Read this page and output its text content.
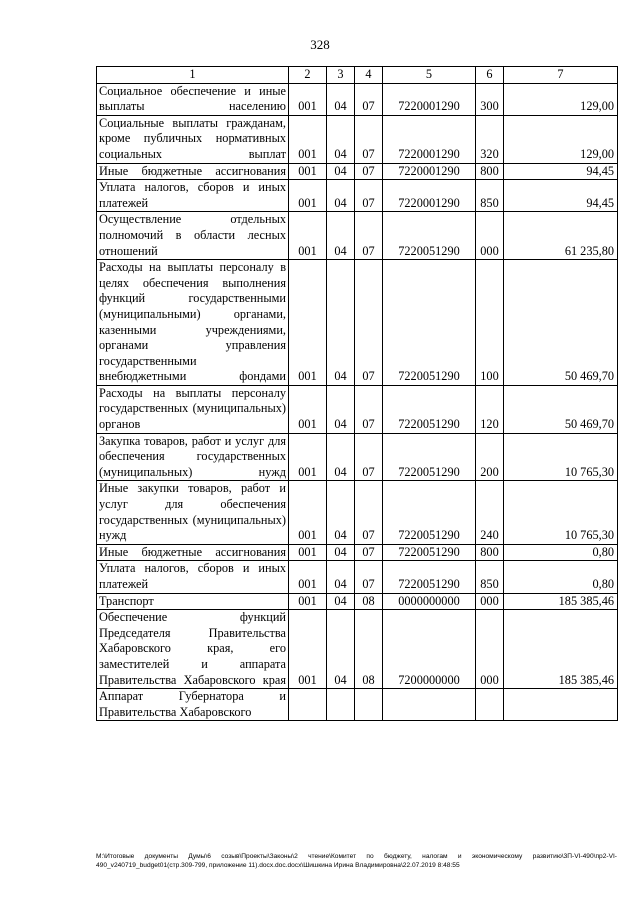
328
1	2	3	4	5	6	7
Социальное обеспечение и иные выплаты населению	001	04	07	7220001290	300	129,00
Социальные выплаты гражданам, кроме публичных нормативных социальных выплат	001	04	07	7220001290	320	129,00
Иные бюджетные ассигнования	001	04	07	7220001290	800	94,45
Уплата налогов, сборов и иных платежей	001	04	07	7220001290	850	94,45
Осуществление отдельных полномочий в области лесных отношений	001	04	07	7220051290	000	61 235,80
Расходы на выплаты персоналу в целях обеспечения выполнения функций государственными (муниципальными) органами, казенными учреждениями, органами управления государственными внебюджетными фондами	001	04	07	7220051290	100	50 469,70
Расходы на выплаты персоналу государственных (муниципальных) органов	001	04	07	7220051290	120	50 469,70
Закупка товаров, работ и услуг для обеспечения государственных (муниципальных) нужд	001	04	07	7220051290	200	10 765,30
Иные закупки товаров, работ и услуг для обеспечения государственных (муниципальных) нужд	001	04	07	7220051290	240	10 765,30
Иные бюджетные ассигнования	001	04	07	7220051290	800	0,80
Уплата налогов, сборов и иных платежей	001	04	07	7220051290	850	0,80
Транспорт	001	04	08	0000000000	000	185 385,46
Обеспечение функций Председателя Правительства Хабаровского края, его заместителей и аппарата Правительства Хабаровского края	001	04	08	7200000000	000	185 385,46
Аппарат Губернатора и Правительства Хабаровского						
M:\Итоговые документы Думы\6 созыв\Проекты\Законы\2 чтение\Комитет по бюджету, налогам и экономическому развитию\3П-VI-490\пр2-VI-490_v240719_budget01(стр.309-799, приложение 11).docx.doc.docx\Шишкина Ирина Владимировна\22.07.2019 8:48:55
